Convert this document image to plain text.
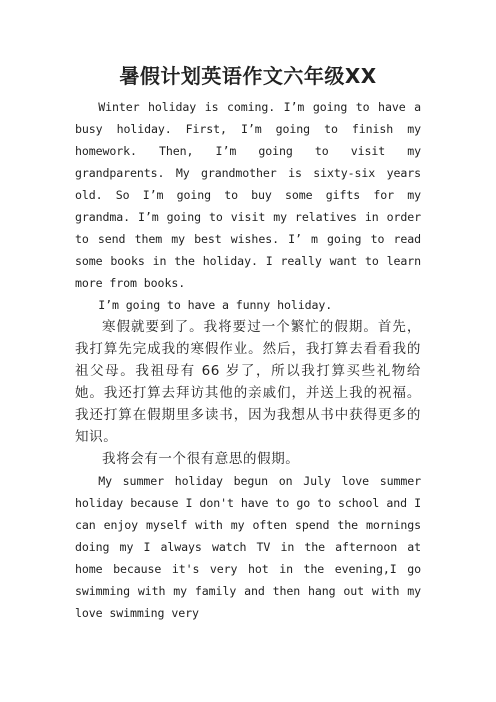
暑假计划英语作文六年级XX

Winter holiday is coming. I’m going to have a busy holiday. First, I’m going to finish my homework. Then, I’m going to visit my grandparents. My grandmother is sixty-six years old. So I’m going to buy some gifts for my grandma. I’m going to visit my relatives in order to send them my best wishes. I’ m going to read some books in the holiday. I really want to learn more from books.

I’m going to have a funny holiday.

寒假就要到了。我将要过一个繁忙的假期。首先，我打算先完成我的寒假作业。然后，我打算去看看我的祖父母。我祖母有 66 岁了，所以我打算买些礼物给她。我还打算去拜访其他的亲戚们，并送上我的祝福。我还打算在假期里多读书，因为我想从书中获得更多的知识。

我将会有一个很有意思的假期。

My summer holiday begun on July love summer holiday because I don't have to go to school and I can enjoy myself with my often spend the mornings doing my I always watch TV in the afternoon at home because it's very hot in the evening,I go swimming with my family and then hang out with my love swimming very
